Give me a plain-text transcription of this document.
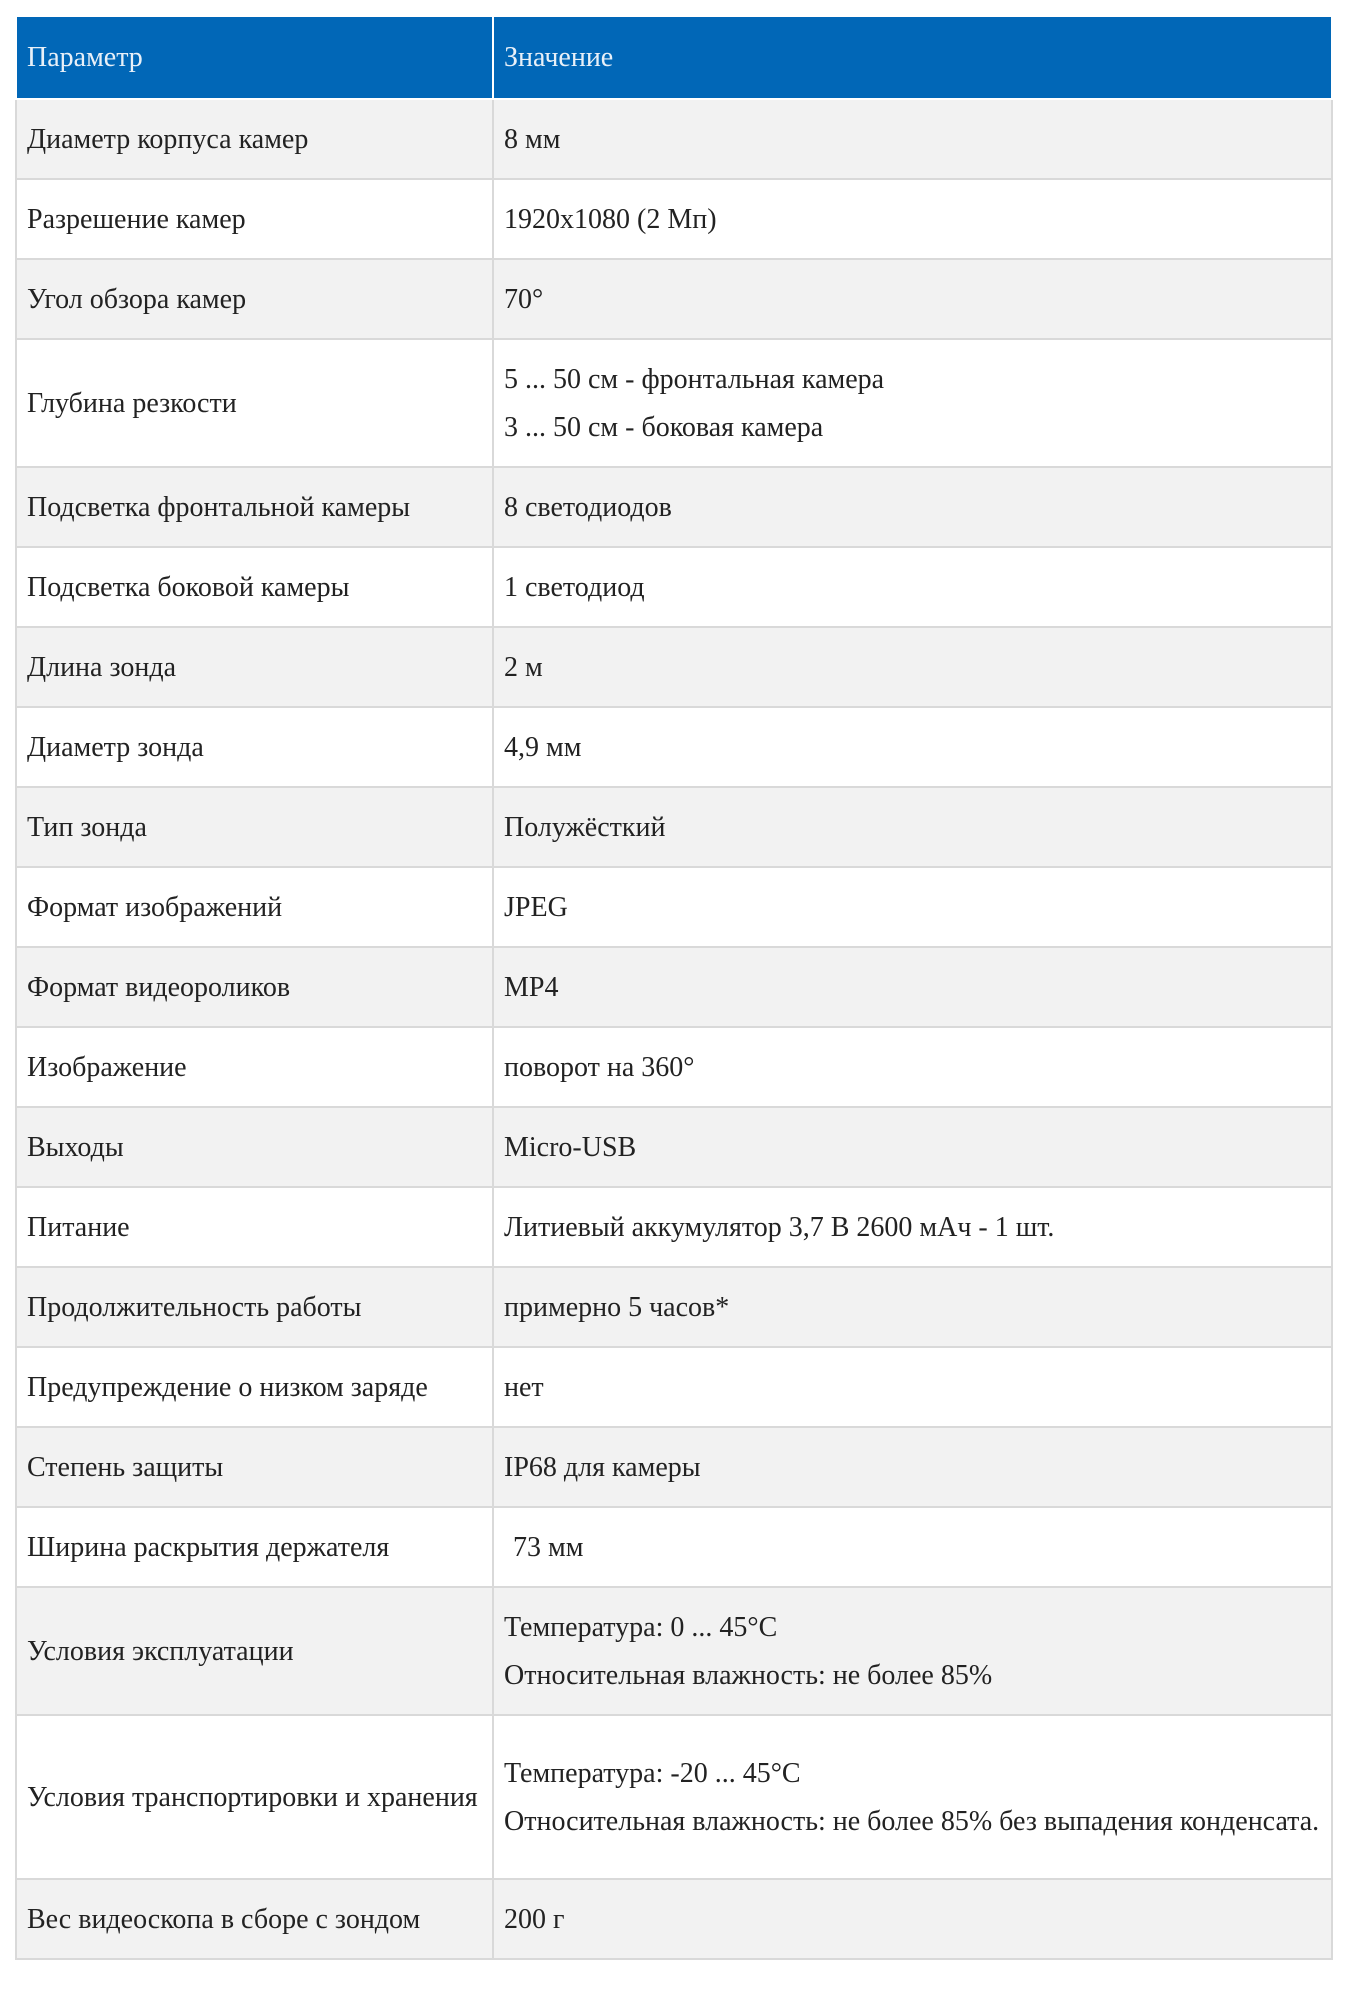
Параметр	Значение
Диаметр корпуса камер	8 мм

Разрешение камер	1920x1080 (2 Мп)

Угол обзора камер	70°

Глубина резкости	5 ... 50 см - фронтальная камера
3 ... 50 см - боковая камера

Подсветка фронтальной камеры	8 светодиодов

Подсветка боковой камеры	1 светодиод

Длина зонда	2 м

Диаметр зонда	4,9 мм

Тип зонда	Полужёсткий

Формат изображений	JPEG

Формат видеороликов	MP4

Изображение	поворот на 360°

Выходы	Micro-USB

Питание	Литиевый аккумулятор 3,7 В 2600 мАч - 1 шт.

Продолжительность работы	примерно 5 часов*

Предупреждение о низком заряде	нет

Степень защиты	IP68 для камеры

Ширина раскрытия держателя	73 мм

Условия эксплуатации	Температура: 0 ... 45°C
Относительная влажность: не более 85%

Условия транспортировки и хранения	Температура: -20 ... 45°C
Относительная влажность: не более 85% без выпадения конденсата.

Вес видеоскопа в сборе с зондом	200 г
